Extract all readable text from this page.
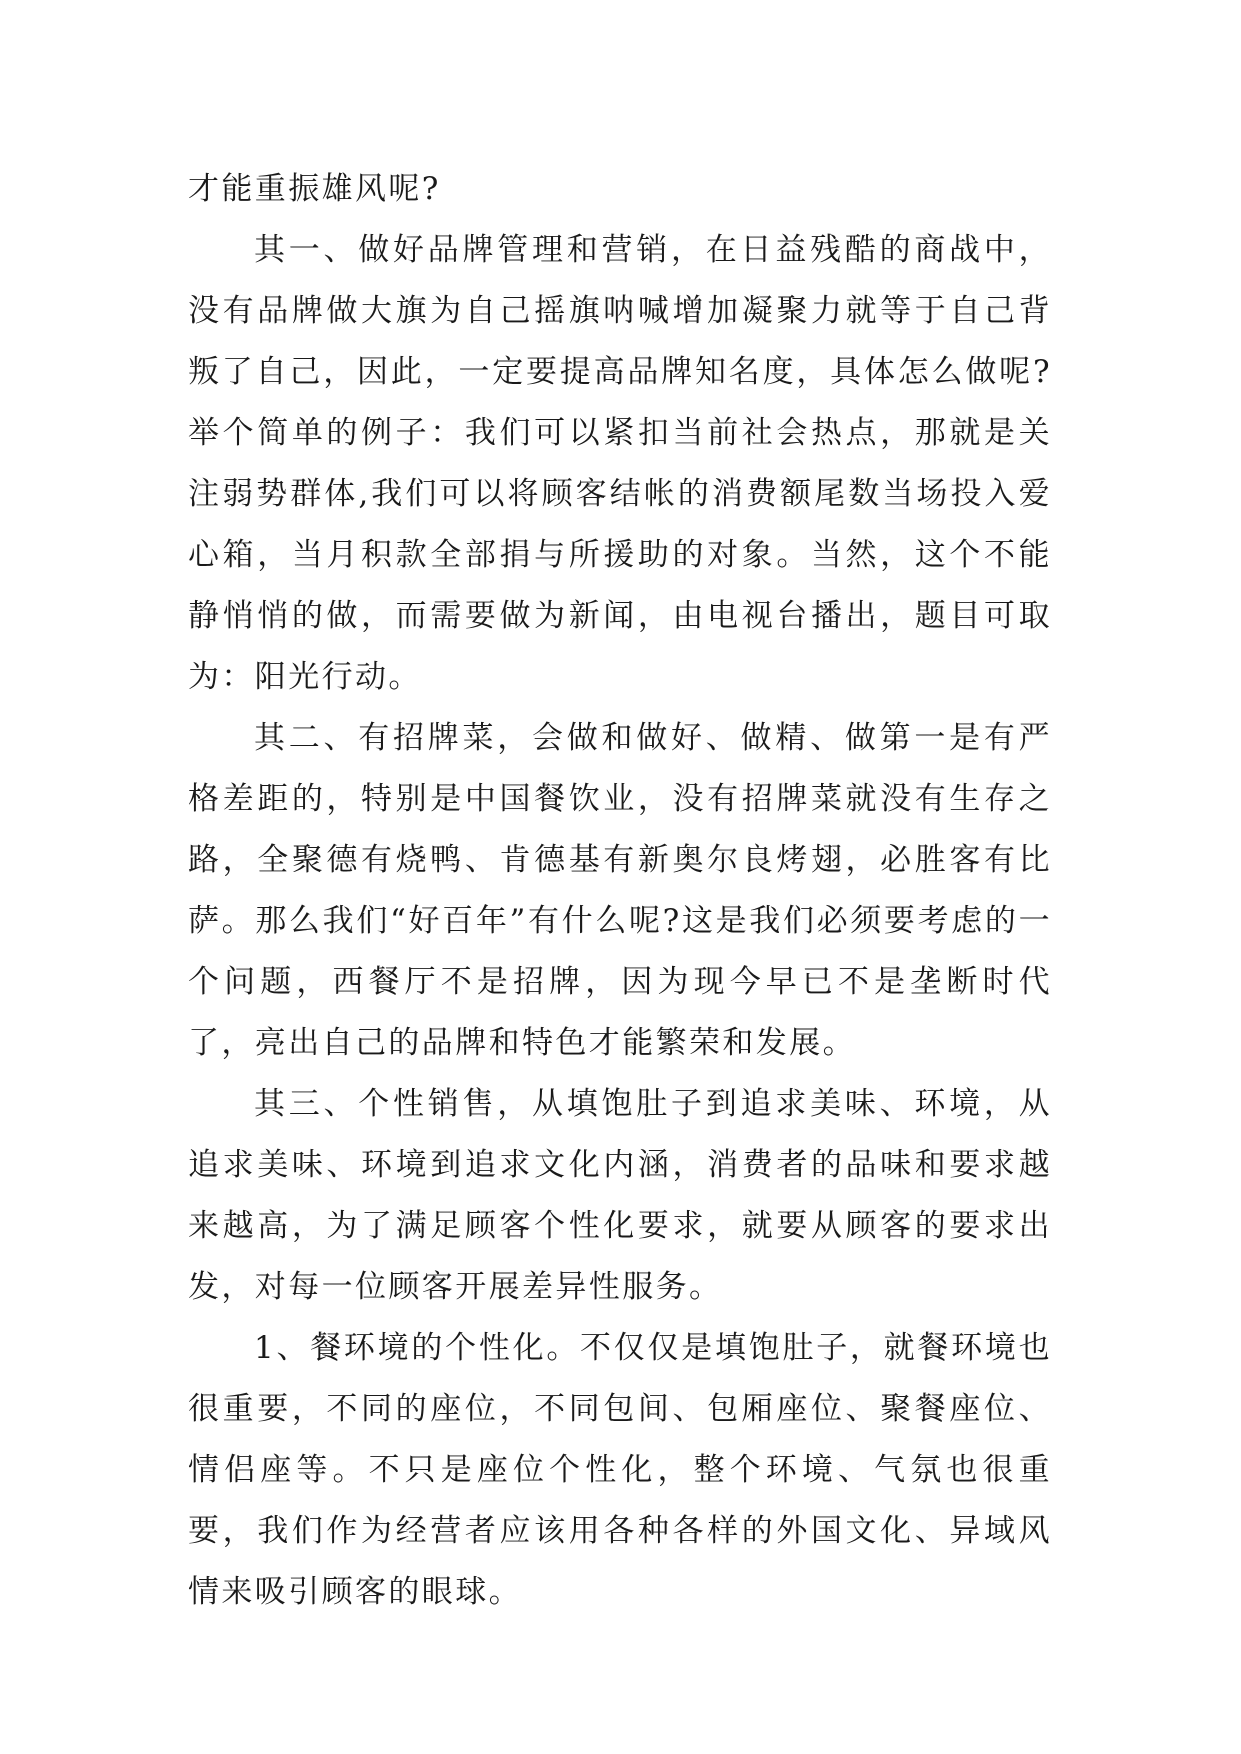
才能重振雄风呢?

其一、做好品牌管理和营销，在日益残酷的商战中，没有品牌做大旗为自己摇旗呐喊增加凝聚力就等于自己背叛了自己，因此，一定要提高品牌知名度，具体怎么做呢?举个简单的例子：我们可以紧扣当前社会热点，那就是关注弱势群体,我们可以将顾客结帐的消费额尾数当场投入爱心箱，当月积款全部捐与所援助的对象。当然，这个不能静悄悄的做，而需要做为新闻，由电视台播出，题目可取为：阳光行动。

其二、有招牌菜，会做和做好、做精、做第一是有严格差距的，特别是中国餐饮业，没有招牌菜就没有生存之路，全聚德有烧鸭、肯德基有新奥尔良烤翅，必胜客有比萨。那么我们“好百年”有什么呢?这是我们必须要考虑的一个问题，西餐厅不是招牌，因为现今早已不是垄断时代了，亮出自己的品牌和特色才能繁荣和发展。

其三、个性销售，从填饱肚子到追求美味、环境，从追求美味、环境到追求文化内涵，消费者的品味和要求越来越高，为了满足顾客个性化要求，就要从顾客的要求出发，对每一位顾客开展差异性服务。

1、餐环境的个性化。不仅仅是填饱肚子，就餐环境也很重要，不同的座位，不同包间、包厢座位、聚餐座位、情侣座等。不只是座位个性化，整个环境、气氛也很重要，我们作为经营者应该用各种各样的外国文化、异域风情来吸引顾客的眼球。
